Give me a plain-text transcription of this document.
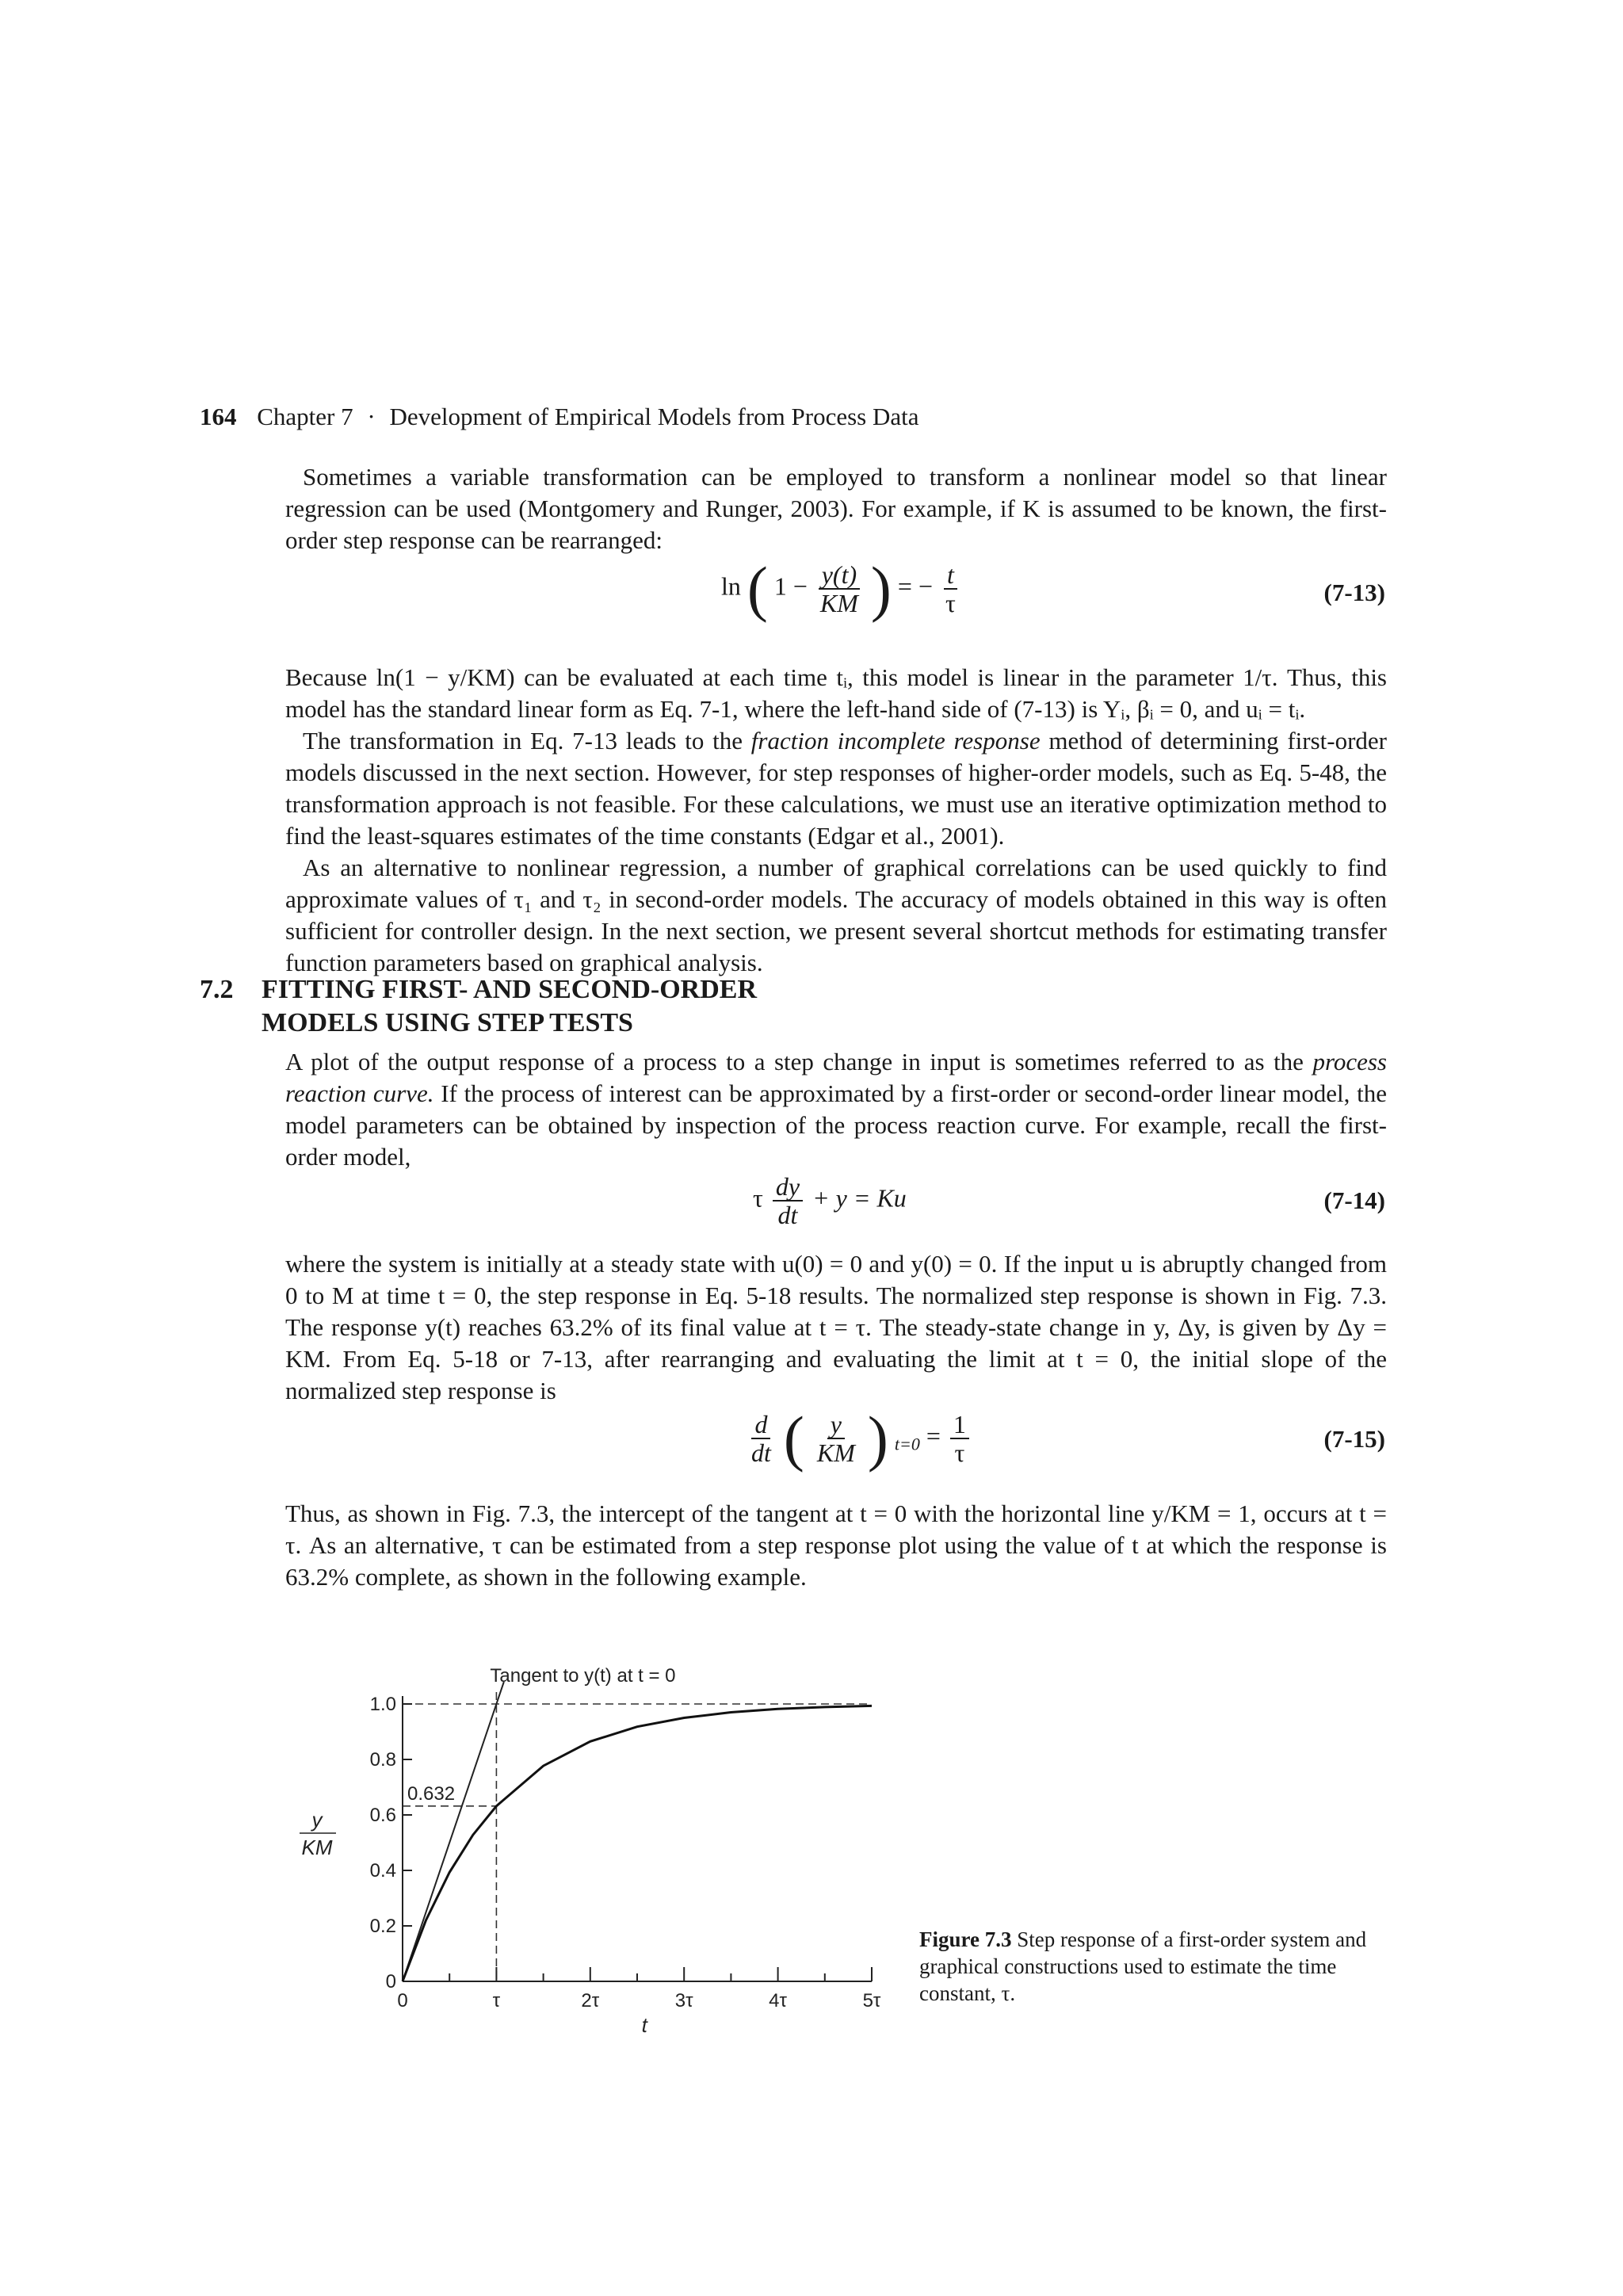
164 Chapter 7 · Development of Empirical Models from Process Data

Sometimes a variable transformation can be employed to transform a nonlinear model so that linear regression can be used (Montgomery and Runger, 2003). For example, if K is assumed to be known, the first-order step response can be rearranged:

ln ( $1 - \frac{y(t)}{KM}$ ) = − $\frac{t}{\tau}$	(7-13)

Because ln(1 − y/KM) can be evaluated at each time tᵢ, this model is linear in the parameter 1/τ. Thus, this model has the standard linear form as Eq. 7-1, where the left-hand side of (7-13) is Yᵢ, βᵢ = 0, and uᵢ = tᵢ.

The transformation in Eq. 7-13 leads to the fraction incomplete response method of determining first-order models discussed in the next section. However, for step responses of higher-order models, such as Eq. 5-48, the transformation approach is not feasible. For these calculations, we must use an iterative optimization method to find the least-squares estimates of the time constants (Edgar et al., 2001).

As an alternative to nonlinear regression, a number of graphical correlations can be used quickly to find approximate values of τ₁ and τ₂ in second-order models. The accuracy of models obtained in this way is often sufficient for controller design. In the next section, we present several shortcut methods for estimating transfer function parameters based on graphical analysis.

7.2 FITTING FIRST- AND SECOND-ORDER
MODELS USING STEP TESTS

A plot of the output response of a process to a step change in input is sometimes referred to as the process reaction curve. If the process of interest can be approximated by a first-order or second-order linear model, the model parameters can be obtained by inspection of the process reaction curve. For example, recall the first-order model,

τ $\frac{dy}{dt} + y = Ku$	(7-14)

where the system is initially at a steady state with u(0) = 0 and y(0) = 0. If the input u is abruptly changed from 0 to M at time t = 0, the step response in Eq. 5-18 results. The normalized step response is shown in Fig. 7.3. The response y(t) reaches 63.2% of its final value at t = τ. The steady-state change in y, Δy, is given by Δy = KM. From Eq. 5-18 or 7-13, after rearranging and evaluating the limit at t = 0, the initial slope of the normalized step response is

$\frac{d}{dt}$ ( $\frac{y}{KM}$ ) $_{t=0} = \frac{1}{\tau}$	(7-15)

Thus, as shown in Fig. 7.3, the intercept of the tangent at t = 0 with the horizontal line y/KM = 1, occurs at t = τ. As an alternative, τ can be estimated from a step response plot using the value of t at which the response is 63.2% complete, as shown in the following example.

0
0.2
0.4
0.6
0.8
1.0
0	τ	2τ	3τ	4τ	5τ
Tangent to y(t) at t = 0
0.632
y
KM
t

Figure 7.3 Step response of a first-order system and graphical constructions used to estimate the time constant, τ.
